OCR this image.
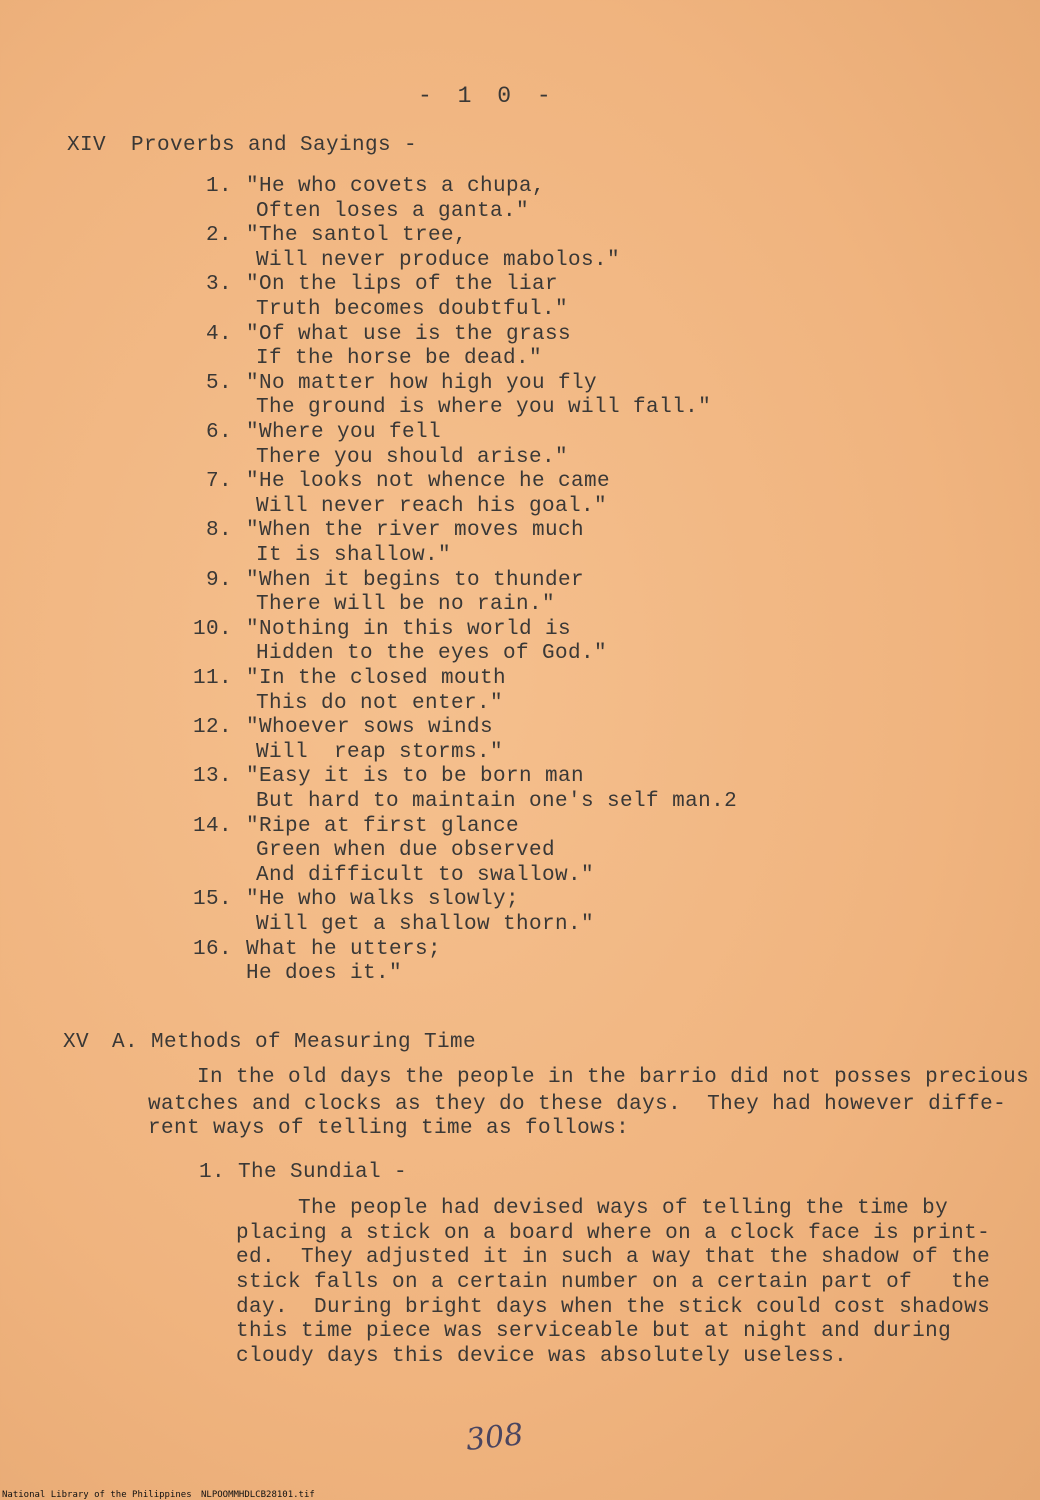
- 1 0 -
XIV Proverbs and Sayings -
1. "He who covets a chupa,
Often loses a ganta."
2. "The santol tree,
Will never produce mabolos."
3. "On the lips of the liar
Truth becomes doubtful."
4. "Of what use is the grass
If the horse be dead."
5. "No matter how high you fly
The ground is where you will fall."
6. "Where you fell
There you should arise."
7. "He looks not whence he came
Will never reach his goal."
8. "When the river moves much
It is shallow."
9. "When it begins to thunder
There will be no rain."
10. "Nothing in this world is
Hidden to the eyes of God."
11. "In the closed mouth
This do not enter."
12. "Whoever sows winds
Will  reap storms."
13. "Easy it is to be born man
But hard to maintain one's self man.2
14. "Ripe at first glance
Green when due observed
And difficult to swallow."
15. "He who walks slowly;
Will get a shallow thorn."
16. What he utters;
He does it."
XV A. Methods of Measuring Time
In the old days the people in the barrio did not posses precious
watches and clocks as they do these days.  They had however diffe-
rent ways of telling time as follows:
1. The Sundial -
The people had devised ways of telling the time by
placing a stick on a board where on a clock face is print-
ed.  They adjusted it in such a way that the shadow of the
stick falls on a certain number on a certain part of   the
day.  During bright days when the stick could cost shadows
this time piece was serviceable but at night and during
cloudy days this device was absolutely useless.
308
National Library of the Philippines NLPOOMMHDLCB28101.tif
